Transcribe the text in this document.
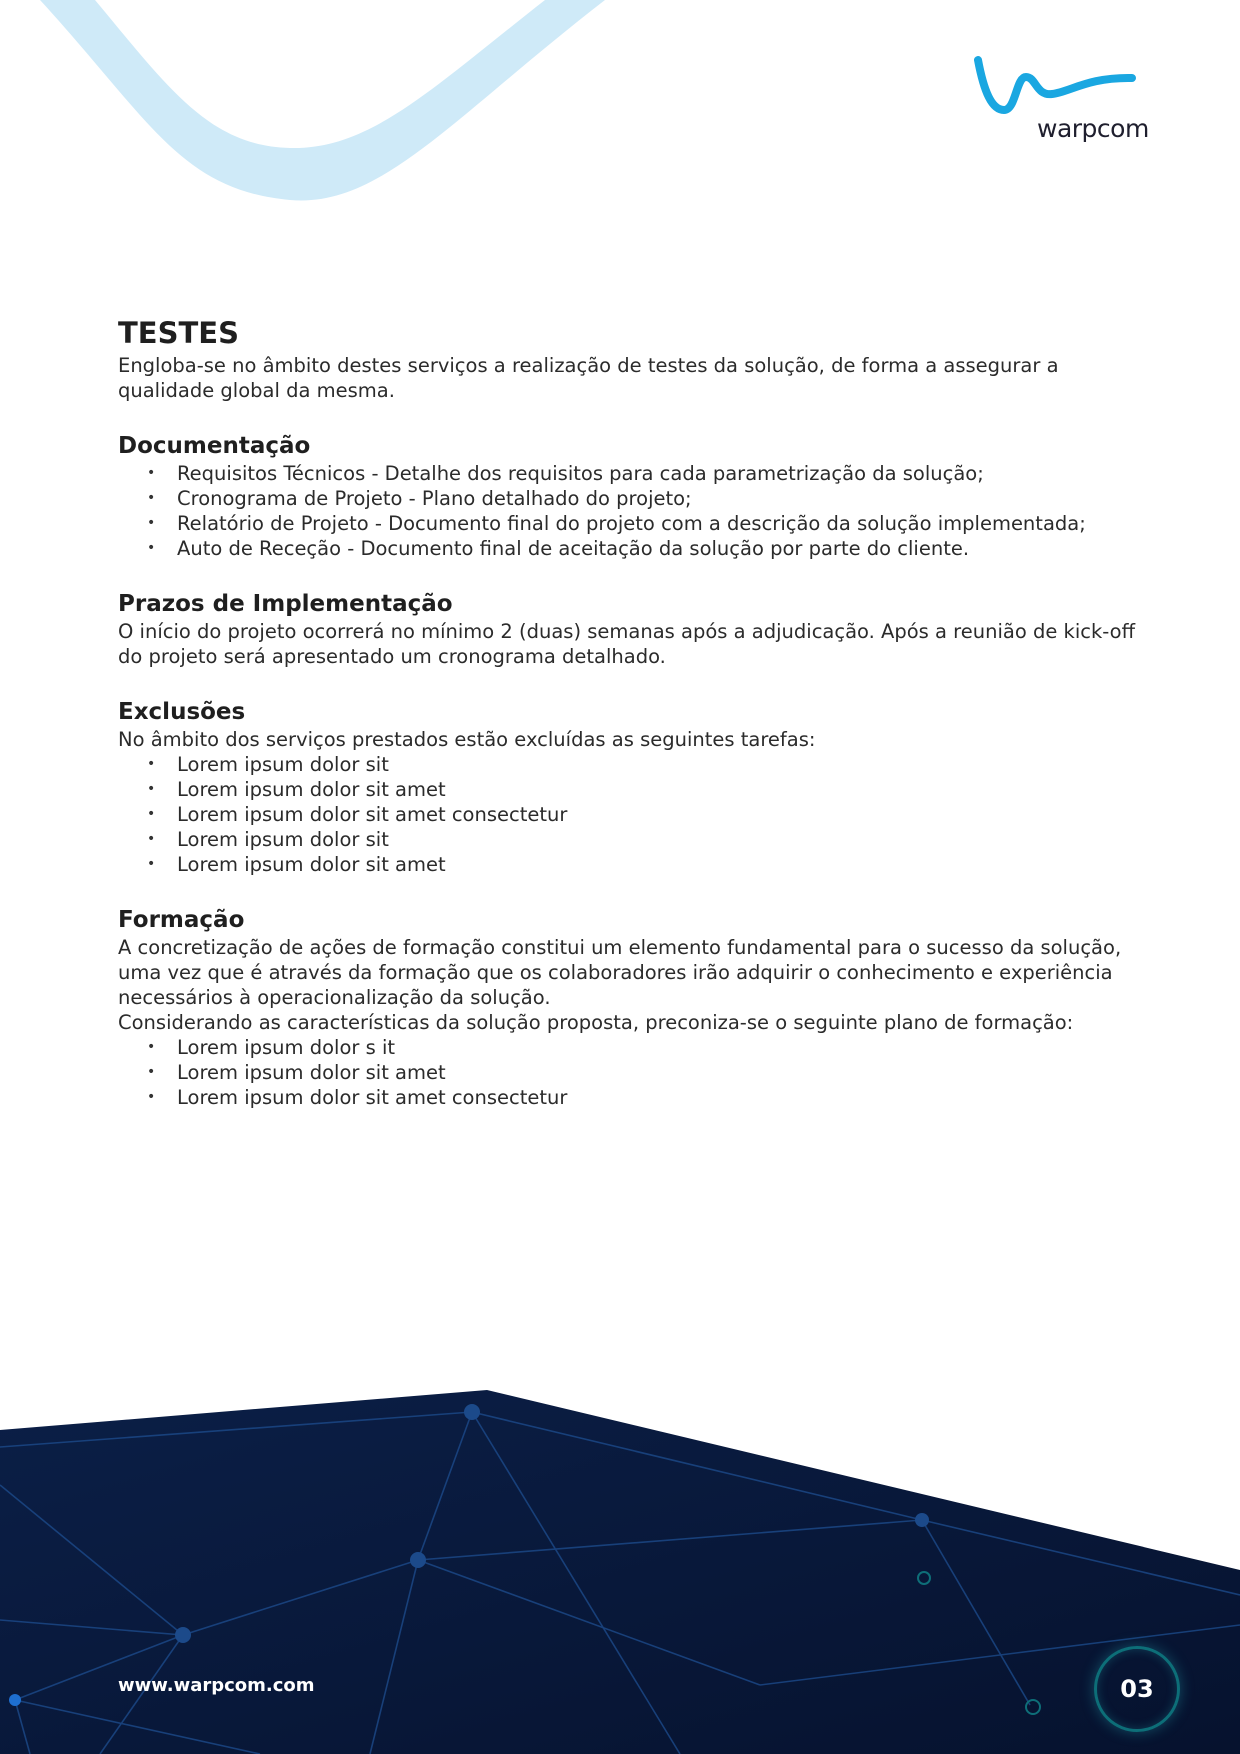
warpcom
TESTES

Engloba-se no âmbito destes serviços a realização de testes da solução, de forma a assegurar a qualidade global da mesma.

Documentação
• Requisitos Técnicos - Detalhe dos requisitos para cada parametrização da solução;
• Cronograma de Projeto - Plano detalhado do projeto;
• Relatório de Projeto - Documento final do projeto com a descrição da solução implementada;
• Auto de Receção - Documento final de aceitação da solução por parte do cliente.
Prazos de Implementação

O início do projeto ocorrerá no mínimo 2 (duas) semanas após a adjudicação. Após a reunião de kick-off do projeto será apresentado um cronograma detalhado.

Exclusões

No âmbito dos serviços prestados estão excluídas as seguintes tarefas:

• Lorem ipsum dolor sit
• Lorem ipsum dolor sit amet
• Lorem ipsum dolor sit amet consectetur
• Lorem ipsum dolor sit
• Lorem ipsum dolor sit amet
Formação

A concretização de ações de formação constitui um elemento fundamental para o sucesso da solução, uma vez que é através da formação que os colaboradores irão adquirir o conhecimento e experiência necessários à operacionalização da solução.

Considerando as características da solução proposta, preconiza-se o seguinte plano de formação:

• Lorem ipsum dolor s it
• Lorem ipsum dolor sit amet
• Lorem ipsum dolor sit amet consectetur
www.warpcom.com	03
